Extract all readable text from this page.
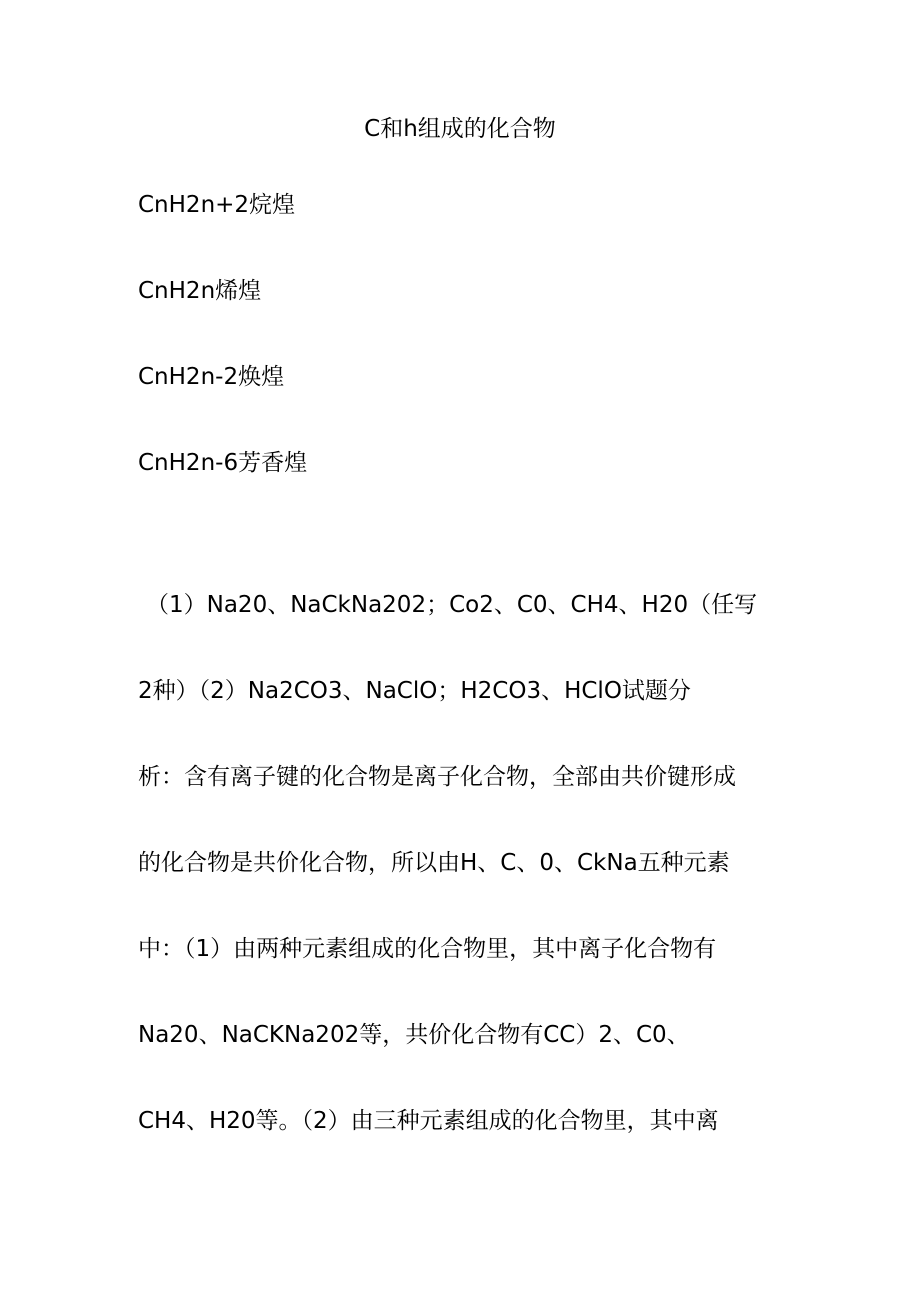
C和h组成的化合物

CnH2n+2烷煌

CnH2n烯煌

CnH2n-2焕煌

CnH2n-6芳香煌

（1）Na20、NaCkNa202；Co2、C0、CH4、H20（任写

2种）（2）Na2CO3、NaClO；H2CO3、HClO试题分

析：含有离子键的化合物是离子化合物，全部由共价键形成

的化合物是共价化合物，所以由H、C、0、CkNa五种元素

中：（1）由两种元素组成的化合物里，其中离子化合物有

Na20、NaCKNa202等，共价化合物有CC）2、C0、

CH4、H20等。（2）由三种元素组成的化合物里，其中离
